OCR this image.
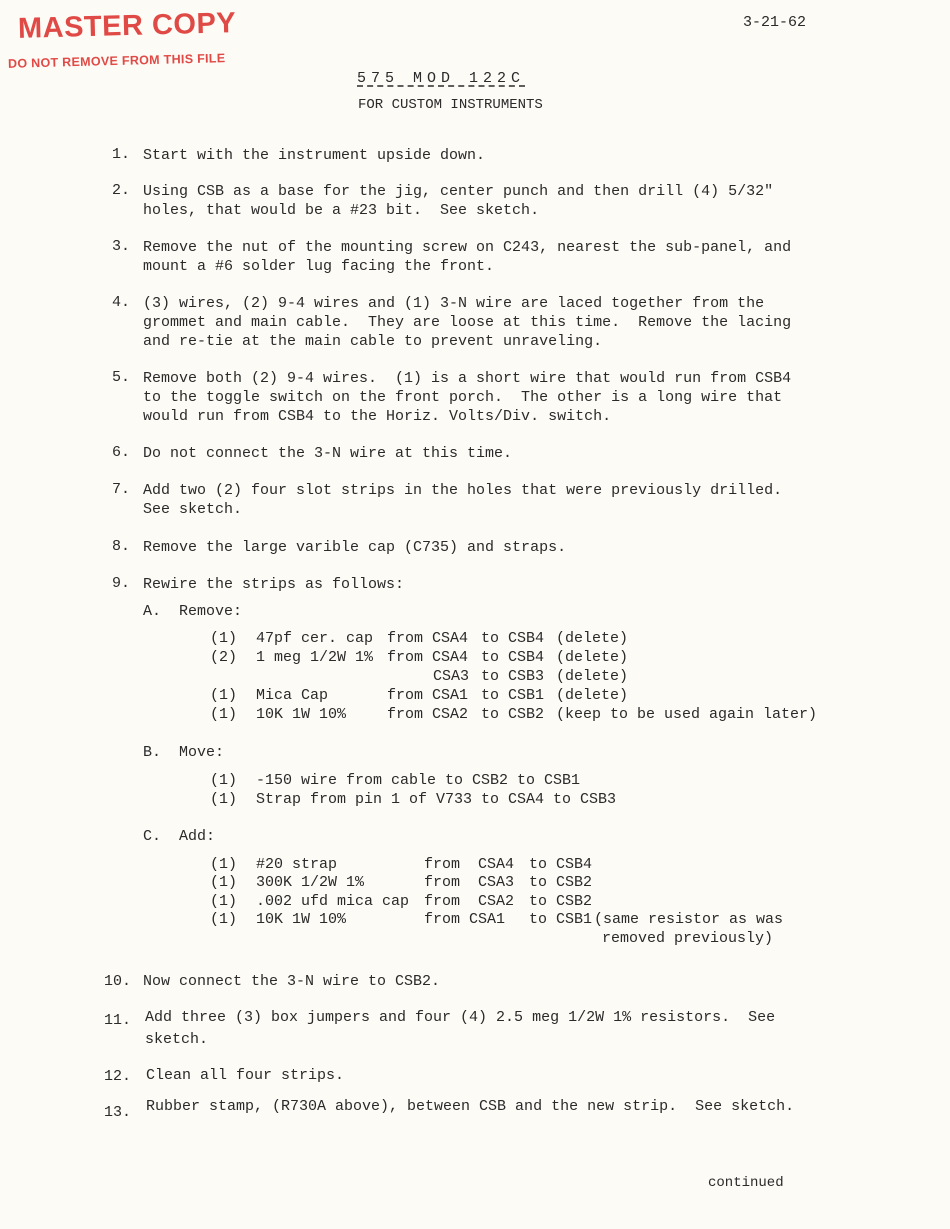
MASTER COPY
DO NOT REMOVE FROM THIS FILE
3-21-62
575 MOD 122C
FOR CUSTOM INSTRUMENTS
1. Start with the instrument upside down.
2. Using CSB as a base for the jig, center punch and then drill (4) 5/32"
holes, that would be a #23 bit.  See sketch.
3. Remove the nut of the mounting screw on C243, nearest the sub-panel, and
mount a #6 solder lug facing the front.
4. (3) wires, (2) 9-4 wires and (1) 3-N wire are laced together from the
grommet and main cable.  They are loose at this time.  Remove the lacing
and re-tie at the main cable to prevent unraveling.
5. Remove both (2) 9-4 wires.  (1) is a short wire that would run from CSB4
to the toggle switch on the front porch.  The other is a long wire that
would run from CSB4 to the Horiz. Volts/Div. switch.
6. Do not connect the 3-N wire at this time.
7. Add two (2) four slot strips in the holes that were previously drilled.
See sketch.
8. Remove the large varible cap (C735) and straps.
9. Rewire the strips as follows:
A.  Remove:
(1) 47pf cer. cap from CSA4 to CSB4 (delete)
(2) 1 meg 1/2W 1% from CSA4 to CSB4 (delete)
CSA3 to CSB3 (delete)
(1) Mica Cap	from CSA1 to CSB1 (delete)
(1) 10K 1W 10%	from CSA2 to CSB2 (keep to be used again later)
B.  Move:
(1) -150 wire from cable to CSB2 to CSB1
(1) Strap from pin 1 of V733 to CSA4 to CSB3
C.  Add:
(1) #20 strap	from  CSA4 to CSB4
(1) 300K 1/2W 1%	from  CSA3 to CSB2
(1) .002 ufd mica cap from  CSA2 to CSB2
(1) 10K 1W 10%	from CSA1 to CSB1 (same resistor as was
removed previously)
10. Now connect the 3-N wire to CSB2.
11. Add three (3) box jumpers and four (4) 2.5 meg 1/2W 1% resistors.  See
sketch.
12. Clean all four strips.
13. Rubber stamp, (R730A above), between CSB and the new strip.  See sketch.
continued
